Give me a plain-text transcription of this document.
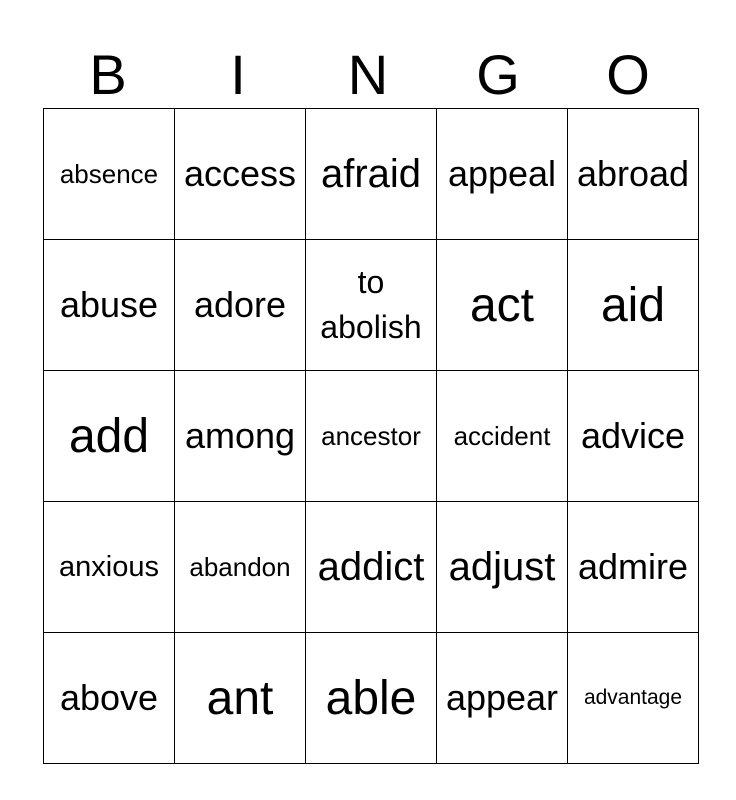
B	I	N	G	O
absence	access	afraid	appeal	abroad
abuse	adore	to abolish	act	aid
add	among	ancestor	accident	advice
anxious	abandon	addict	adjust	admire
above	ant	able	appear	advantage
